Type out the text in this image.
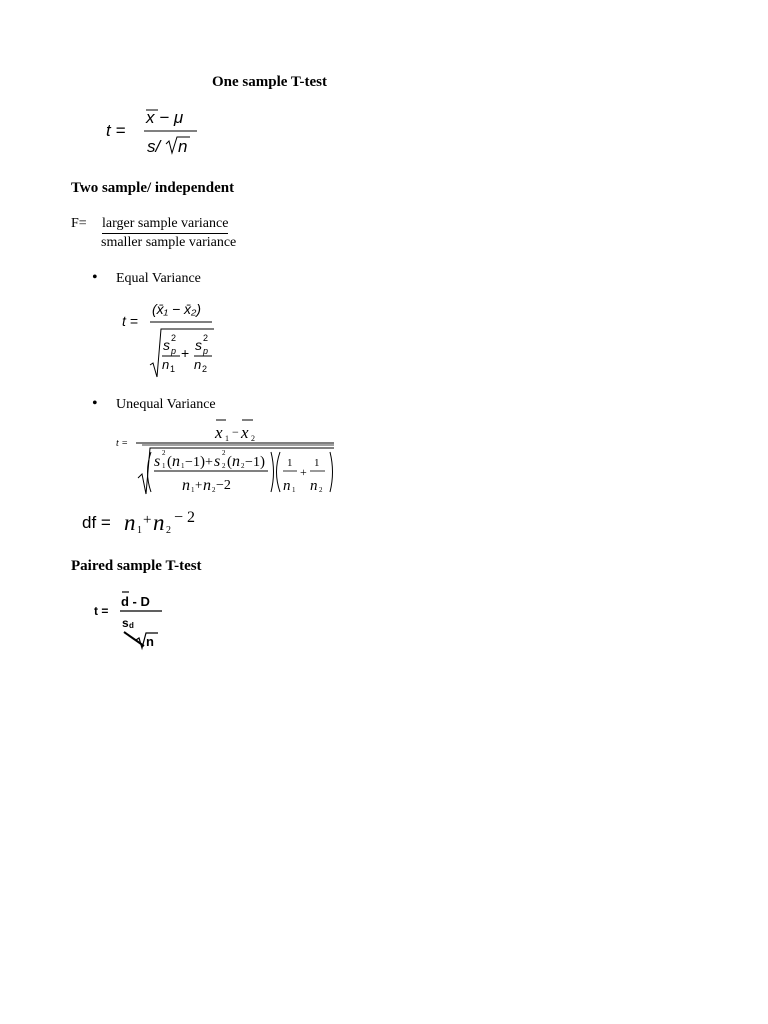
One sample T-test
t =
x − μ
s/ n
Two sample/ independent
F= larger sample variance
smaller sample variance
• Equal Variance
t =
(x̄₁ − x̄₂)
s 2
p
n 1
+ s 2
p
n 2
• Unequal Variance
t =
x 1 − x 2
s 2
1 ( n 1 − 1 ) + s 2
2 ( n 2 − 1 )
n 1 + n 2 −2
1
n 1
+
1
n 2
df = n 1
+ n 2
− 2
Paired sample T-test
t =
d - D
s d
n
